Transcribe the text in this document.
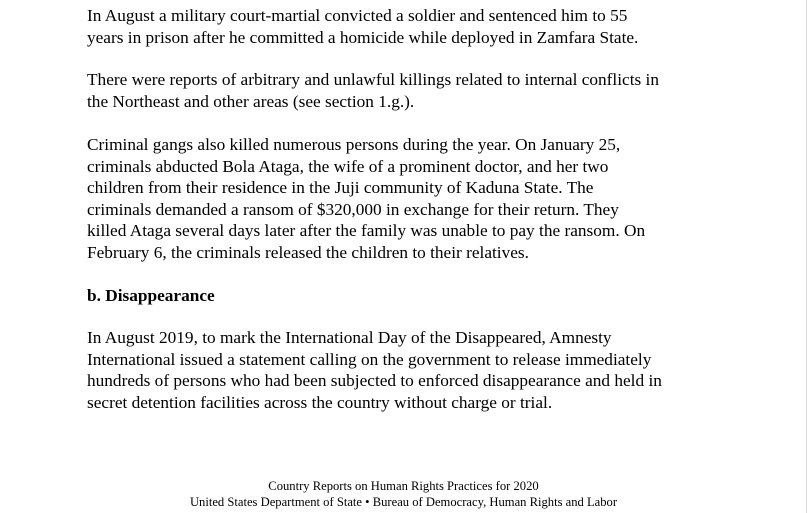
In August a military court-martial convicted a soldier and sentenced him to 55
years in prison after he committed a homicide while deployed in Zamfara State.

There were reports of arbitrary and unlawful killings related to internal conflicts in
the Northeast and other areas (see section 1.g.).

Criminal gangs also killed numerous persons during the year. On January 25,
criminals abducted Bola Ataga, the wife of a prominent doctor, and her two
children from their residence in the Juji community of Kaduna State. The
criminals demanded a ransom of $320,000 in exchange for their return. They
killed Ataga several days later after the family was unable to pay the ransom. On
February 6, the criminals released the children to their relatives.

b. Disappearance

In August 2019, to mark the International Day of the Disappeared, Amnesty
International issued a statement calling on the government to release immediately
hundreds of persons who had been subjected to enforced disappearance and held in
secret detention facilities across the country without charge or trial.

Country Reports on Human Rights Practices for 2020
United States Department of State • Bureau of Democracy, Human Rights and Labor
